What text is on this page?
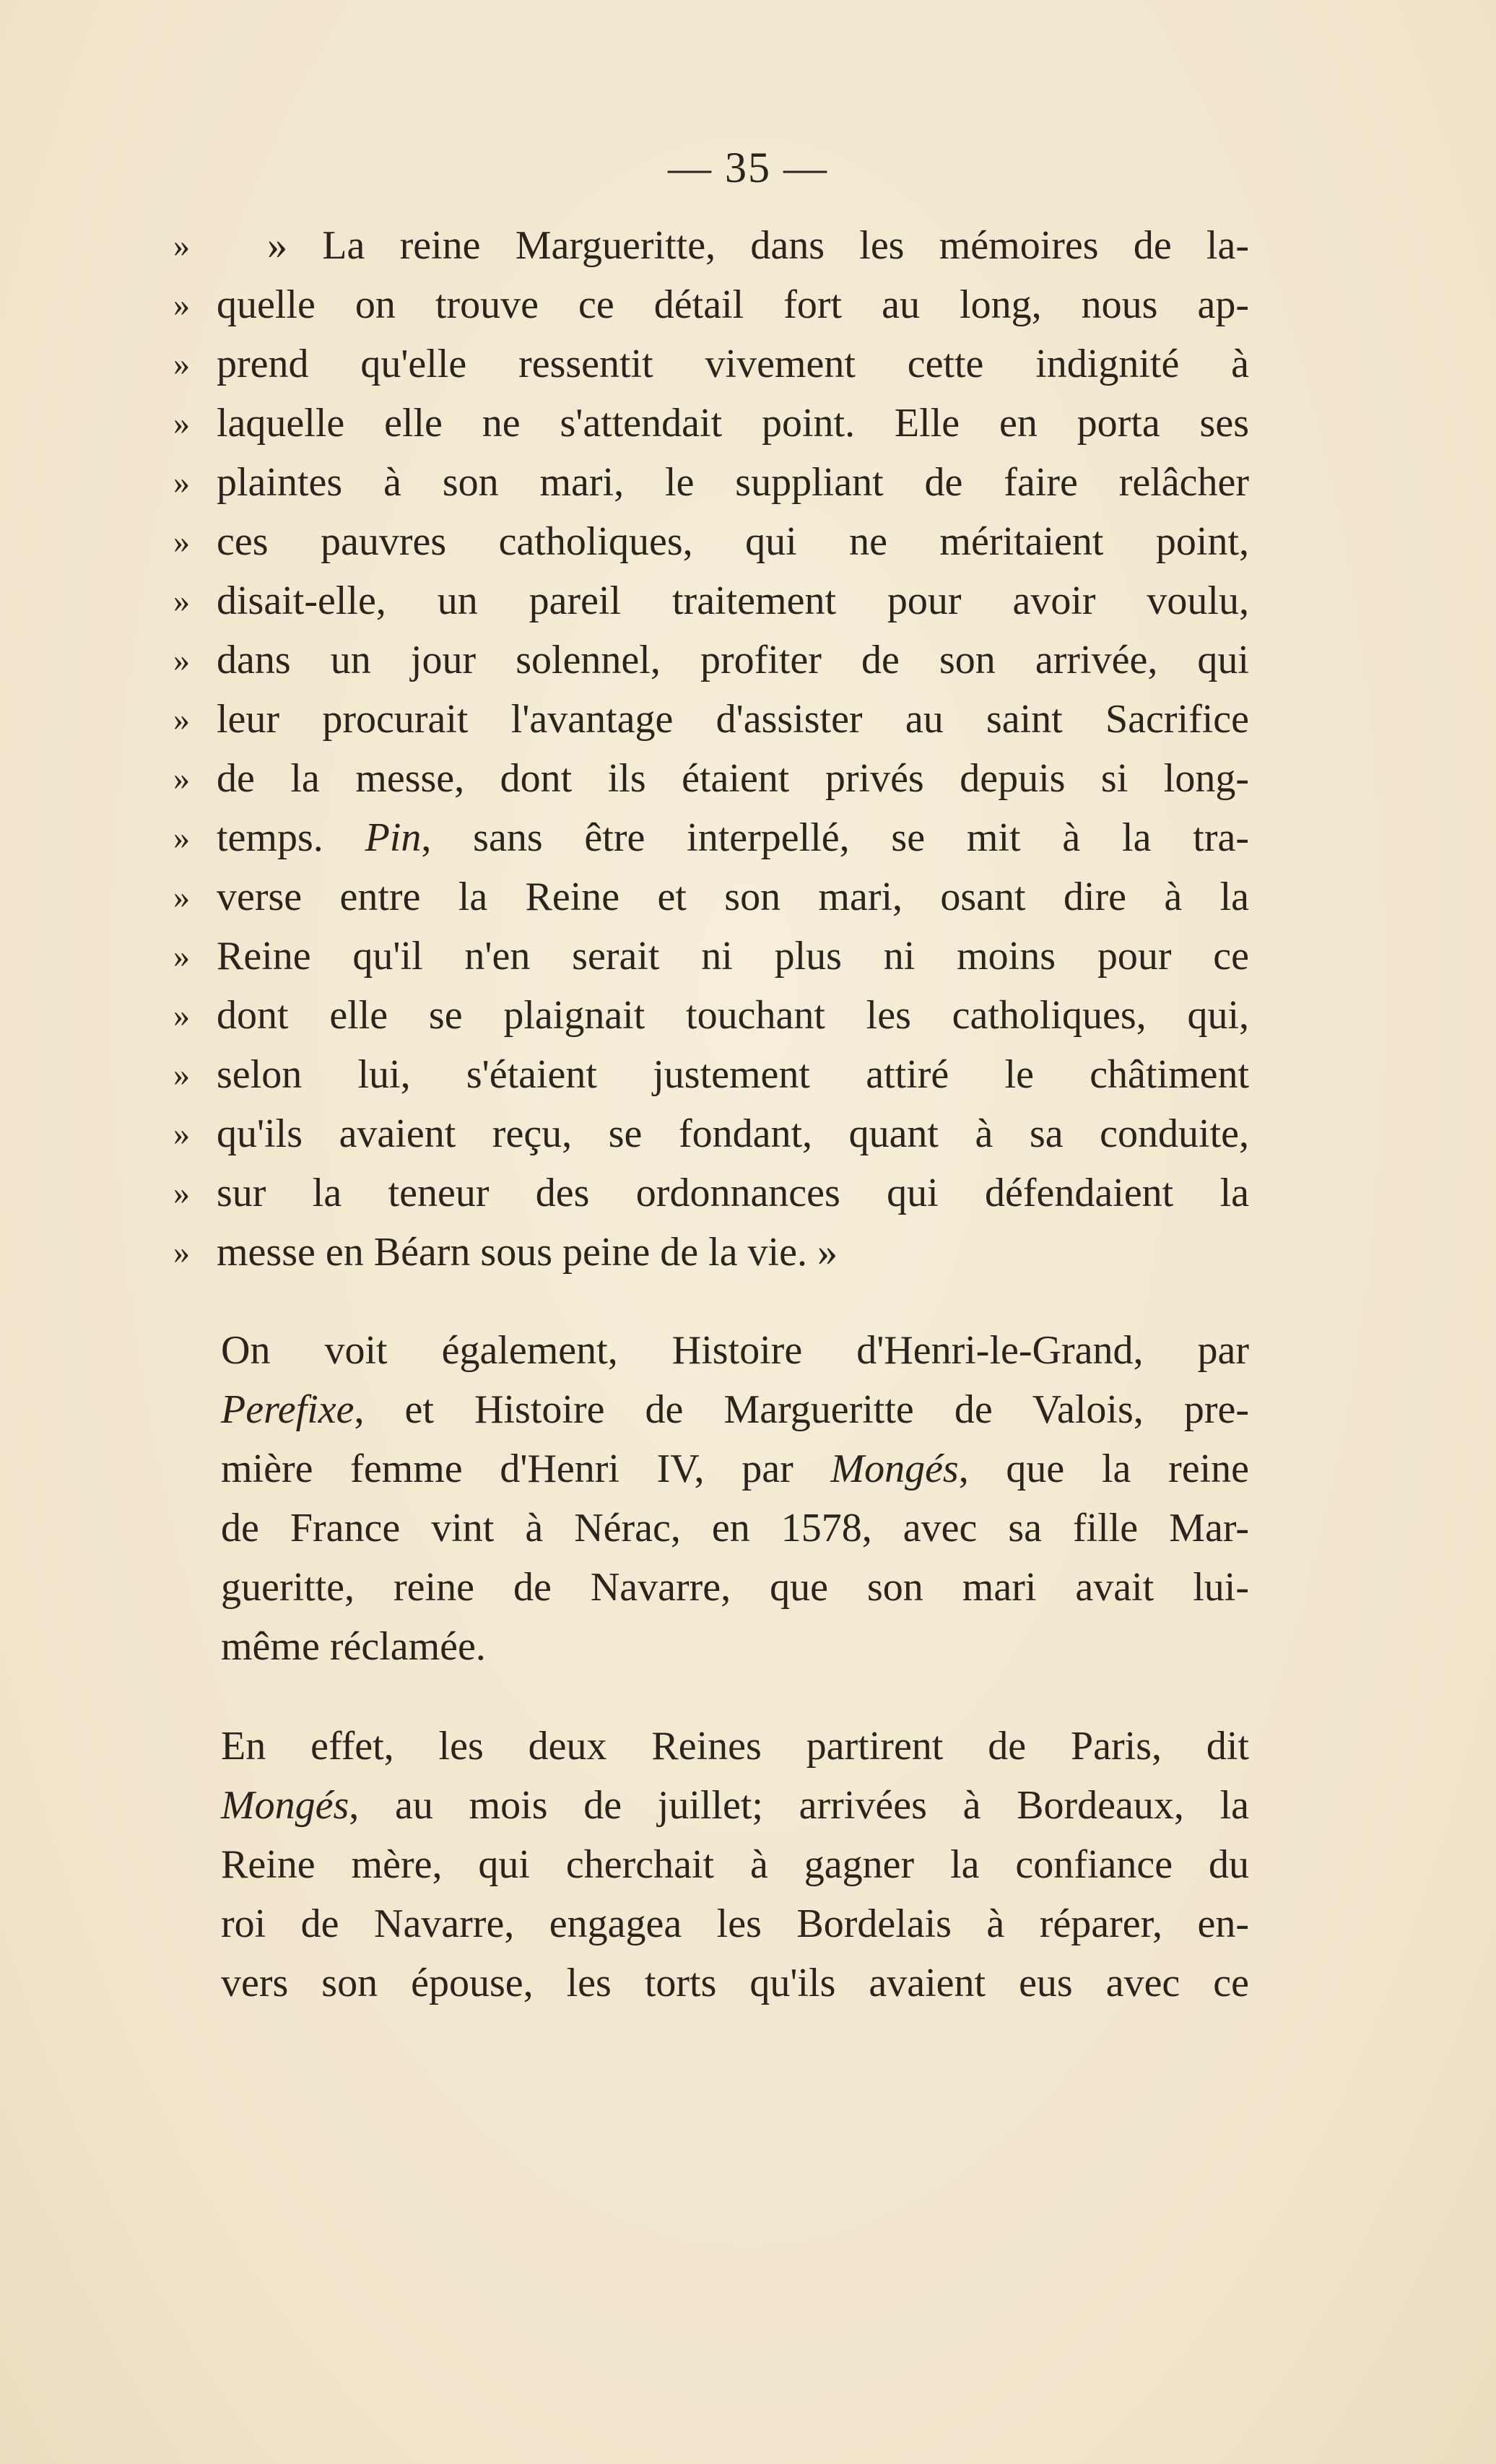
— 35 —
»
»
»
»
»
»
»
»
»
»
»
»
»
»
»
»
»
» La reine Margueritte, dans les mémoires de la-
quelle on trouve ce détail fort au long, nous ap-
prend qu'elle ressentit vivement cette indignité à
laquelle elle ne s'attendait point. Elle en porta ses
plaintes à son mari, le suppliant de faire relâcher
ces pauvres catholiques, qui ne méritaient point,
disait-elle, un pareil traitement pour avoir voulu,
dans un jour solennel, profiter de son arrivée, qui
leur procurait l'avantage d'assister au saint Sacrifice
de la messe, dont ils étaient privés depuis si long-
temps. Pin, sans être interpellé, se mit à la tra-
verse entre la Reine et son mari, osant dire à la
Reine qu'il n'en serait ni plus ni moins pour ce
dont elle se plaignait touchant les catholiques, qui,
selon lui, s'étaient justement attiré le châtiment
qu'ils avaient reçu, se fondant, quant à sa conduite,
sur la teneur des ordonnances qui défendaient la
» messe en Béarn sous peine de la vie. »
On voit également, Histoire d'Henri-le-Grand, par
Perefixe, et Histoire de Margueritte de Valois, pre-
mière femme d'Henri IV, par Mongés, que la reine
de France vint à Nérac, en 1578, avec sa fille Mar-
gueritte, reine de Navarre, que son mari avait lui-
même réclamée.
En effet, les deux Reines partirent de Paris, dit
Mongés, au mois de juillet; arrivées à Bordeaux, la
Reine mère, qui cherchait à gagner la confiance du
roi de Navarre, engagea les Bordelais à réparer, en-
vers son épouse, les torts qu'ils avaient eus avec ce
